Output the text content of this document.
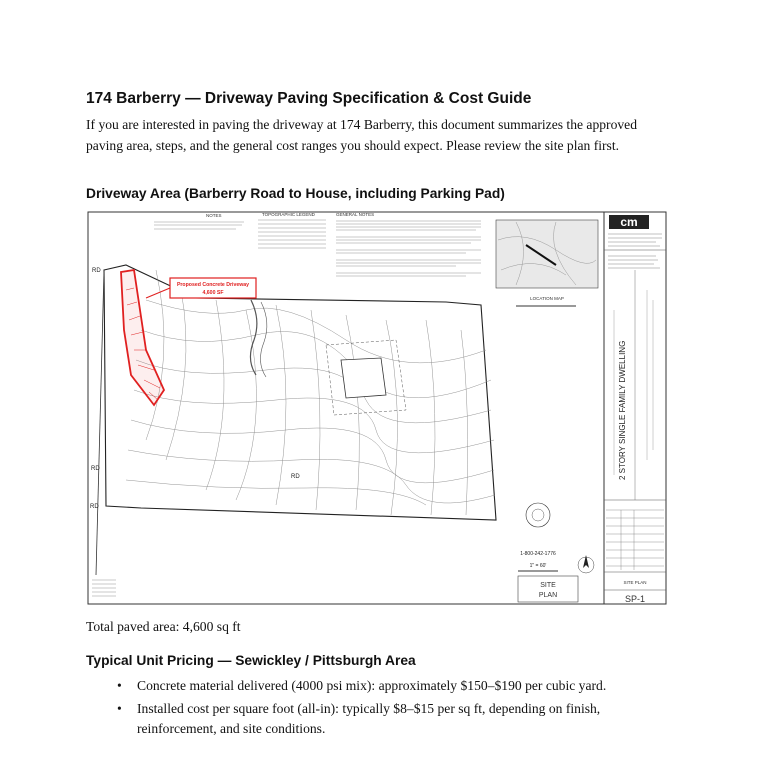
174 Barberry — Driveway Paving Specification & Cost Guide
If you are interested in paving the driveway at 174 Barberry, this document summarizes the approved paving area, steps, and the general cost ranges you should expect. Please review the site plan first.
Driveway Area (Barberry Road to House, including Parking Pad)
cm
2 STORY SINGLE FAMILY DWELLING
SITE PLAN
SP-1
SITE
PLAN
NOTES	TOPOGRAPHIC LEGEND	GENERAL NOTES
LOCATION MAP
RD
RD
RD
RD
Proposed Concrete Driveway
4,600 SF
1-800-242-1776
1" = 60'
Total paved area: 4,600 sq ft
Typical Unit Pricing — Sewickley / Pittsburgh Area
• Concrete material delivered (4000 psi mix): approximately $150–$190 per cubic yard.
• Installed cost per square foot (all-in): typically $8–$15 per sq ft, depending on finish, reinforcement, and site conditions.
